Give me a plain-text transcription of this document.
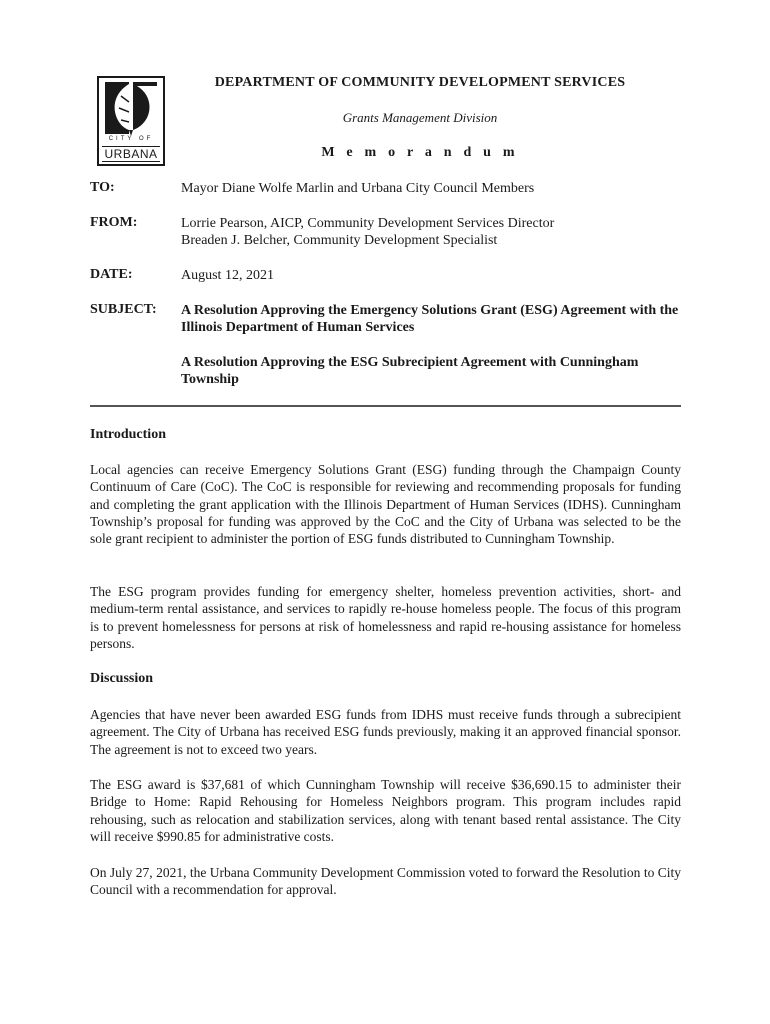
CITY OF
URBANA
DEPARTMENT OF COMMUNITY DEVELOPMENT SERVICES
Grants Management Division
M e m o r a n d u m
TO:	Mayor Diane Wolfe Marlin and Urbana City Council Members
FROM:	Lorrie Pearson, AICP, Community Development Services Director
Breaden J. Belcher, Community Development Specialist
DATE:	August 12, 2021
SUBJECT: A Resolution Approving the Emergency Solutions Grant (ESG) Agreement with the Illinois Department of Human Services
A Resolution Approving the ESG Subrecipient Agreement with Cunningham Township
Introduction

Local agencies can receive Emergency Solutions Grant (ESG) funding through the Champaign County Continuum of Care (CoC). The CoC is responsible for reviewing and recommending proposals for funding and completing the grant application with the Illinois Department of Human Services (IDHS). Cunningham Township’s proposal for funding was approved by the CoC and the City of Urbana was selected to be the sole grant recipient to administer the portion of ESG funds distributed to Cunningham Township.

The ESG program provides funding for emergency shelter, homeless prevention activities, short- and medium-term rental assistance, and services to rapidly re-house homeless people. The focus of this program is to prevent homelessness for persons at risk of homelessness and rapid re-housing assistance for homeless persons.

Discussion

Agencies that have never been awarded ESG funds from IDHS must receive funds through a subrecipient agreement. The City of Urbana has received ESG funds previously, making it an approved financial sponsor. The agreement is not to exceed two years.

The ESG award is $37,681 of which Cunningham Township will receive $36,690.15 to administer their Bridge to Home: Rapid Rehousing for Homeless Neighbors program. This program includes rapid rehousing, such as relocation and stabilization services, along with tenant based rental assistance. The City will receive $990.85 for administrative costs.

On July 27, 2021, the Urbana Community Development Commission voted to forward the Resolution to City Council with a recommendation for approval.
